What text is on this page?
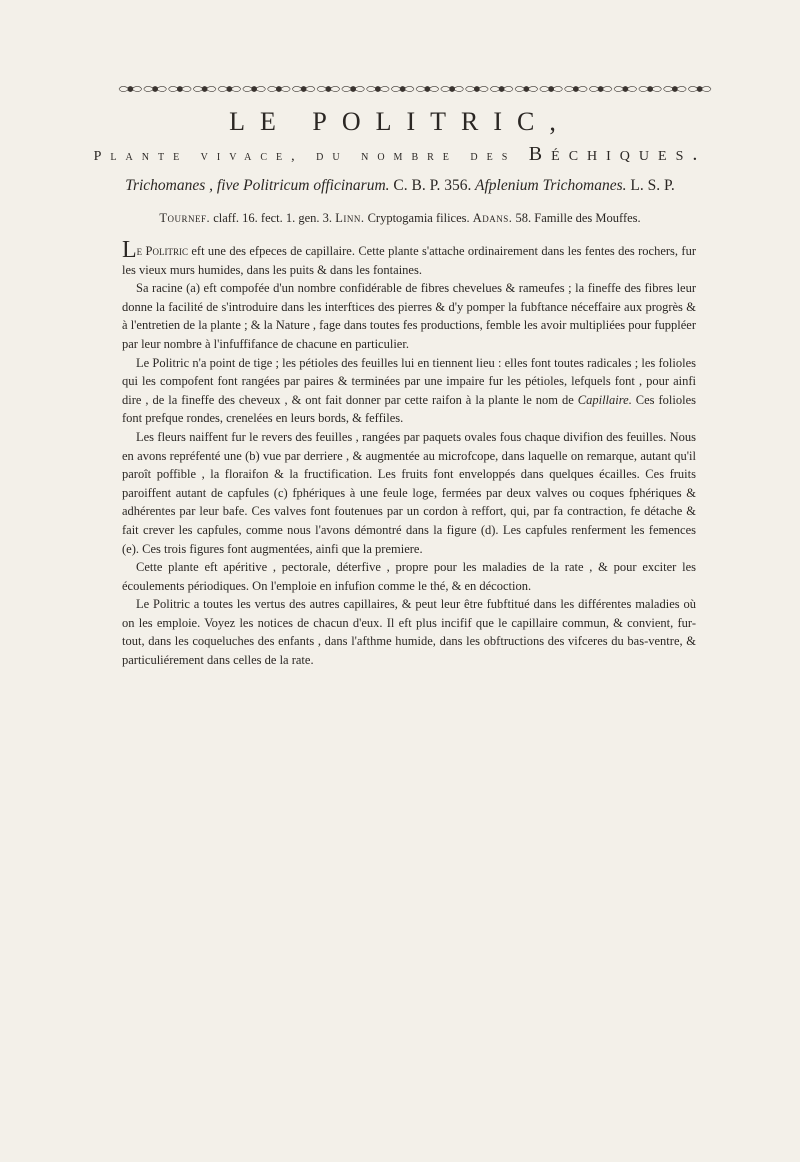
LE POLITRIC,
Plante vivace, du nombre des Béchiques.
Trichomanes , five Politricum officinarum. C. B. P. 356. Afplenium Trichomanes. L. S. P.
Tournef. claff. 16. fect. 1. gen. 3. Linn. Cryptogamia filices. Adans. 58. Famille des Mouffes.

Le Politric eft une des efpeces de capillaire. Cette plante s'attache ordinairement dans les fentes des rochers, fur les vieux murs humides, dans les puits & dans les fontaines.

Sa racine (a) eft compofée d'un nombre confidérable de fibres chevelues & rameufes ; la fineffe des fibres leur donne la facilité de s'introduire dans les interftices des pierres & d'y pomper la fubftance néceffaire aux progrès & à l'entretien de la plante ; & la Nature , fage dans toutes fes productions, femble les avoir multipliées pour fuppléer par leur nombre à l'infuffifance de chacune en particulier.

Le Politric n'a point de tige ; les pétioles des feuilles lui en tiennent lieu : elles font toutes radicales ; les folioles qui les compofent font rangées par paires & terminées par une impaire fur les pétioles, lefquels font , pour ainfi dire , de la fineffe des cheveux , & ont fait donner par cette raifon à la plante le nom de Capillaire. Ces folioles font prefque rondes, crenelées en leurs bords, & feffiles.

Les fleurs naiffent fur le revers des feuilles , rangées par paquets ovales fous chaque divifion des feuilles. Nous en avons repréfenté une (b) vue par derriere , & augmentée au microfcope, dans laquelle on remarque, autant qu'il paroît poffible , la floraifon & la fructification. Les fruits font enveloppés dans quelques écailles. Ces fruits paroiffent autant de capfules (c) fphériques à une feule loge, fermées par deux valves ou coques fphériques & adhérentes par leur bafe. Ces valves font foutenues par un cordon à reffort, qui, par fa contraction, fe détache & fait crever les capfules, comme nous l'avons démontré dans la figure (d). Les capfules renferment les femences (e). Ces trois figures font augmentées, ainfi que la premiere.

Cette plante eft apéritive , pectorale, déterfive , propre pour les maladies de la rate , & pour exciter les écoulements périodiques. On l'emploie en infufion comme le thé, & en décoction.

Le Politric a toutes les vertus des autres capillaires, & peut leur être fubftitué dans les différentes maladies où on les emploie. Voyez les notices de chacun d'eux. Il eft plus incifif que le capillaire commun, & convient, fur-tout, dans les coqueluches des enfants , dans l'afthme humide, dans les obftructions des vifceres du bas-ventre, & particuliérement dans celles de la rate.
